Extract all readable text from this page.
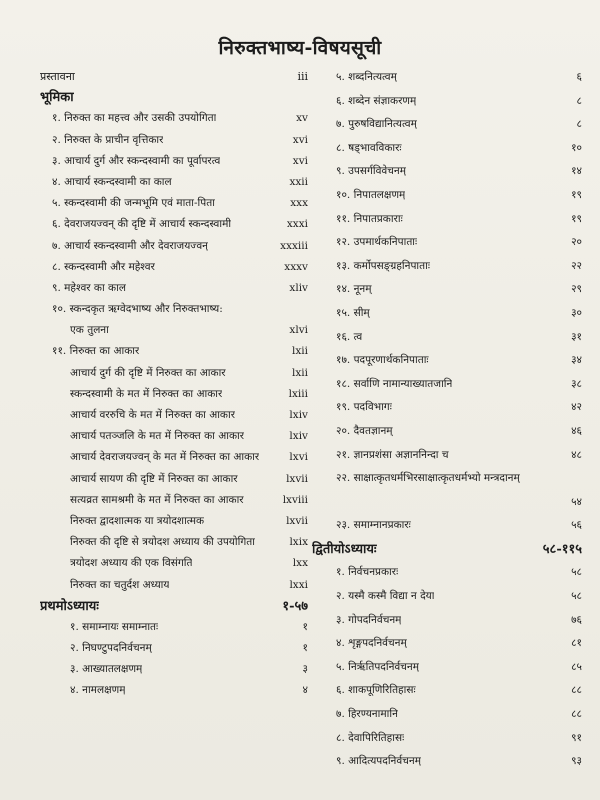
निरुक्तभाष्य-विषयसूची
प्रस्तावना	iii
भूमिका
१. निरुक्त का महत्त्व और उसकी उपयोगिता	xv
२. निरुक्त के प्राचीन वृत्तिकार	xvi
३. आचार्य दुर्ग और स्कन्दस्वामी का पूर्वापरत्व	xvi
४. आचार्य स्कन्दस्वामी का काल	xxii
५. स्कन्दस्वामी की जन्मभूमि एवं माता-पिता	xxx
६. देवराजयज्वन् की दृष्टि में आचार्य स्कन्दस्वामी	xxxi
७. आचार्य स्कन्दस्वामी और देवराजयज्वन्	xxxiii
८. स्कन्दस्वामी और महेश्वर	xxxv
९. महेश्वर का काल	xliv
१०. स्कन्दकृत ऋग्वेदभाष्य और निरुक्तभाष्य:
एक तुलना	xlvi
११. निरुक्त का आकार	lxii
आचार्य दुर्ग की दृष्टि में निरुक्त का आकार	lxii
स्कन्दस्वामी के मत में निरुक्त का आकार	lxiii
आचार्य वररुचि के मत में निरुक्त का आकार	lxiv
आचार्य पतञ्जलि के मत में निरुक्त का आकार	lxiv
आचार्य देवराजयज्वन् के मत में निरुक्त का आकार	lxvi
आचार्य सायण की दृष्टि में निरुक्त का आकार	lxvii
सत्यव्रत सामश्रमी के मत में निरुक्त का आकार	lxviii
निरुक्त द्वादशात्मक या त्रयोदशात्मक	lxvii
निरुक्त की दृष्टि से त्रयोदश अध्याय की उपयोगिता	lxix
त्रयोदश अध्याय की एक विसंगति	lxx
निरुक्त का चतुर्दश अध्याय	lxxi
प्रथमोऽध्यायः	१-५७
१. समाम्नायः समाम्नातः	१
२. निघण्टुपदनिर्वचनम्	१
३. आख्यातलक्षणम्	३
४. नामलक्षणम्	४
५. शब्दनित्यत्वम्	६
६. शब्देन संज्ञाकरणम्	८
७. पुरुषविद्यानित्यत्वम्	८
८. षड्भावविकारः	१०
९. उपसर्गविवेचनम्	१४
१०. निपातलक्षणम्	१९
११. निपातप्रकाराः	१९
१२. उपमार्थकनिपाताः	२०
१३. कर्मोपसङ्ग्रहनिपाताः	२२
१४. नूनम्	२९
१५. सीम्	३०
१६. त्व	३१
१७. पदपूरणार्थकनिपाताः	३४
१८. सर्वाणि नामान्याख्यातजानि	३८
१९. पदविभागः	४२
२०. दैवतज्ञानम्	४६
२१. ज्ञानप्रशंसा अज्ञाननिन्दा च	४८
२२. साक्षात्कृतधर्मभिरसाक्षात्कृतधर्मभ्यो मन्त्रदानम्
५४
२३. समाम्नानप्रकारः	५६
द्वितीयोऽध्यायः	५८-११५
१. निर्वचनप्रकारः	५८
२. यस्मै कस्मै विद्या न देया	५८
३. गोपदनिर्वचनम्	७६
४. शृङ्गपदनिर्वचनम्	८१
५. निर्ऋतिपदनिर्वचनम्	८५
६. शाकपूणिरितिहासः	८८
७. हिरण्यनामानि	८८
८. देवापिरितिहासः	९१
९. आदित्यपदनिर्वचनम्	९३
